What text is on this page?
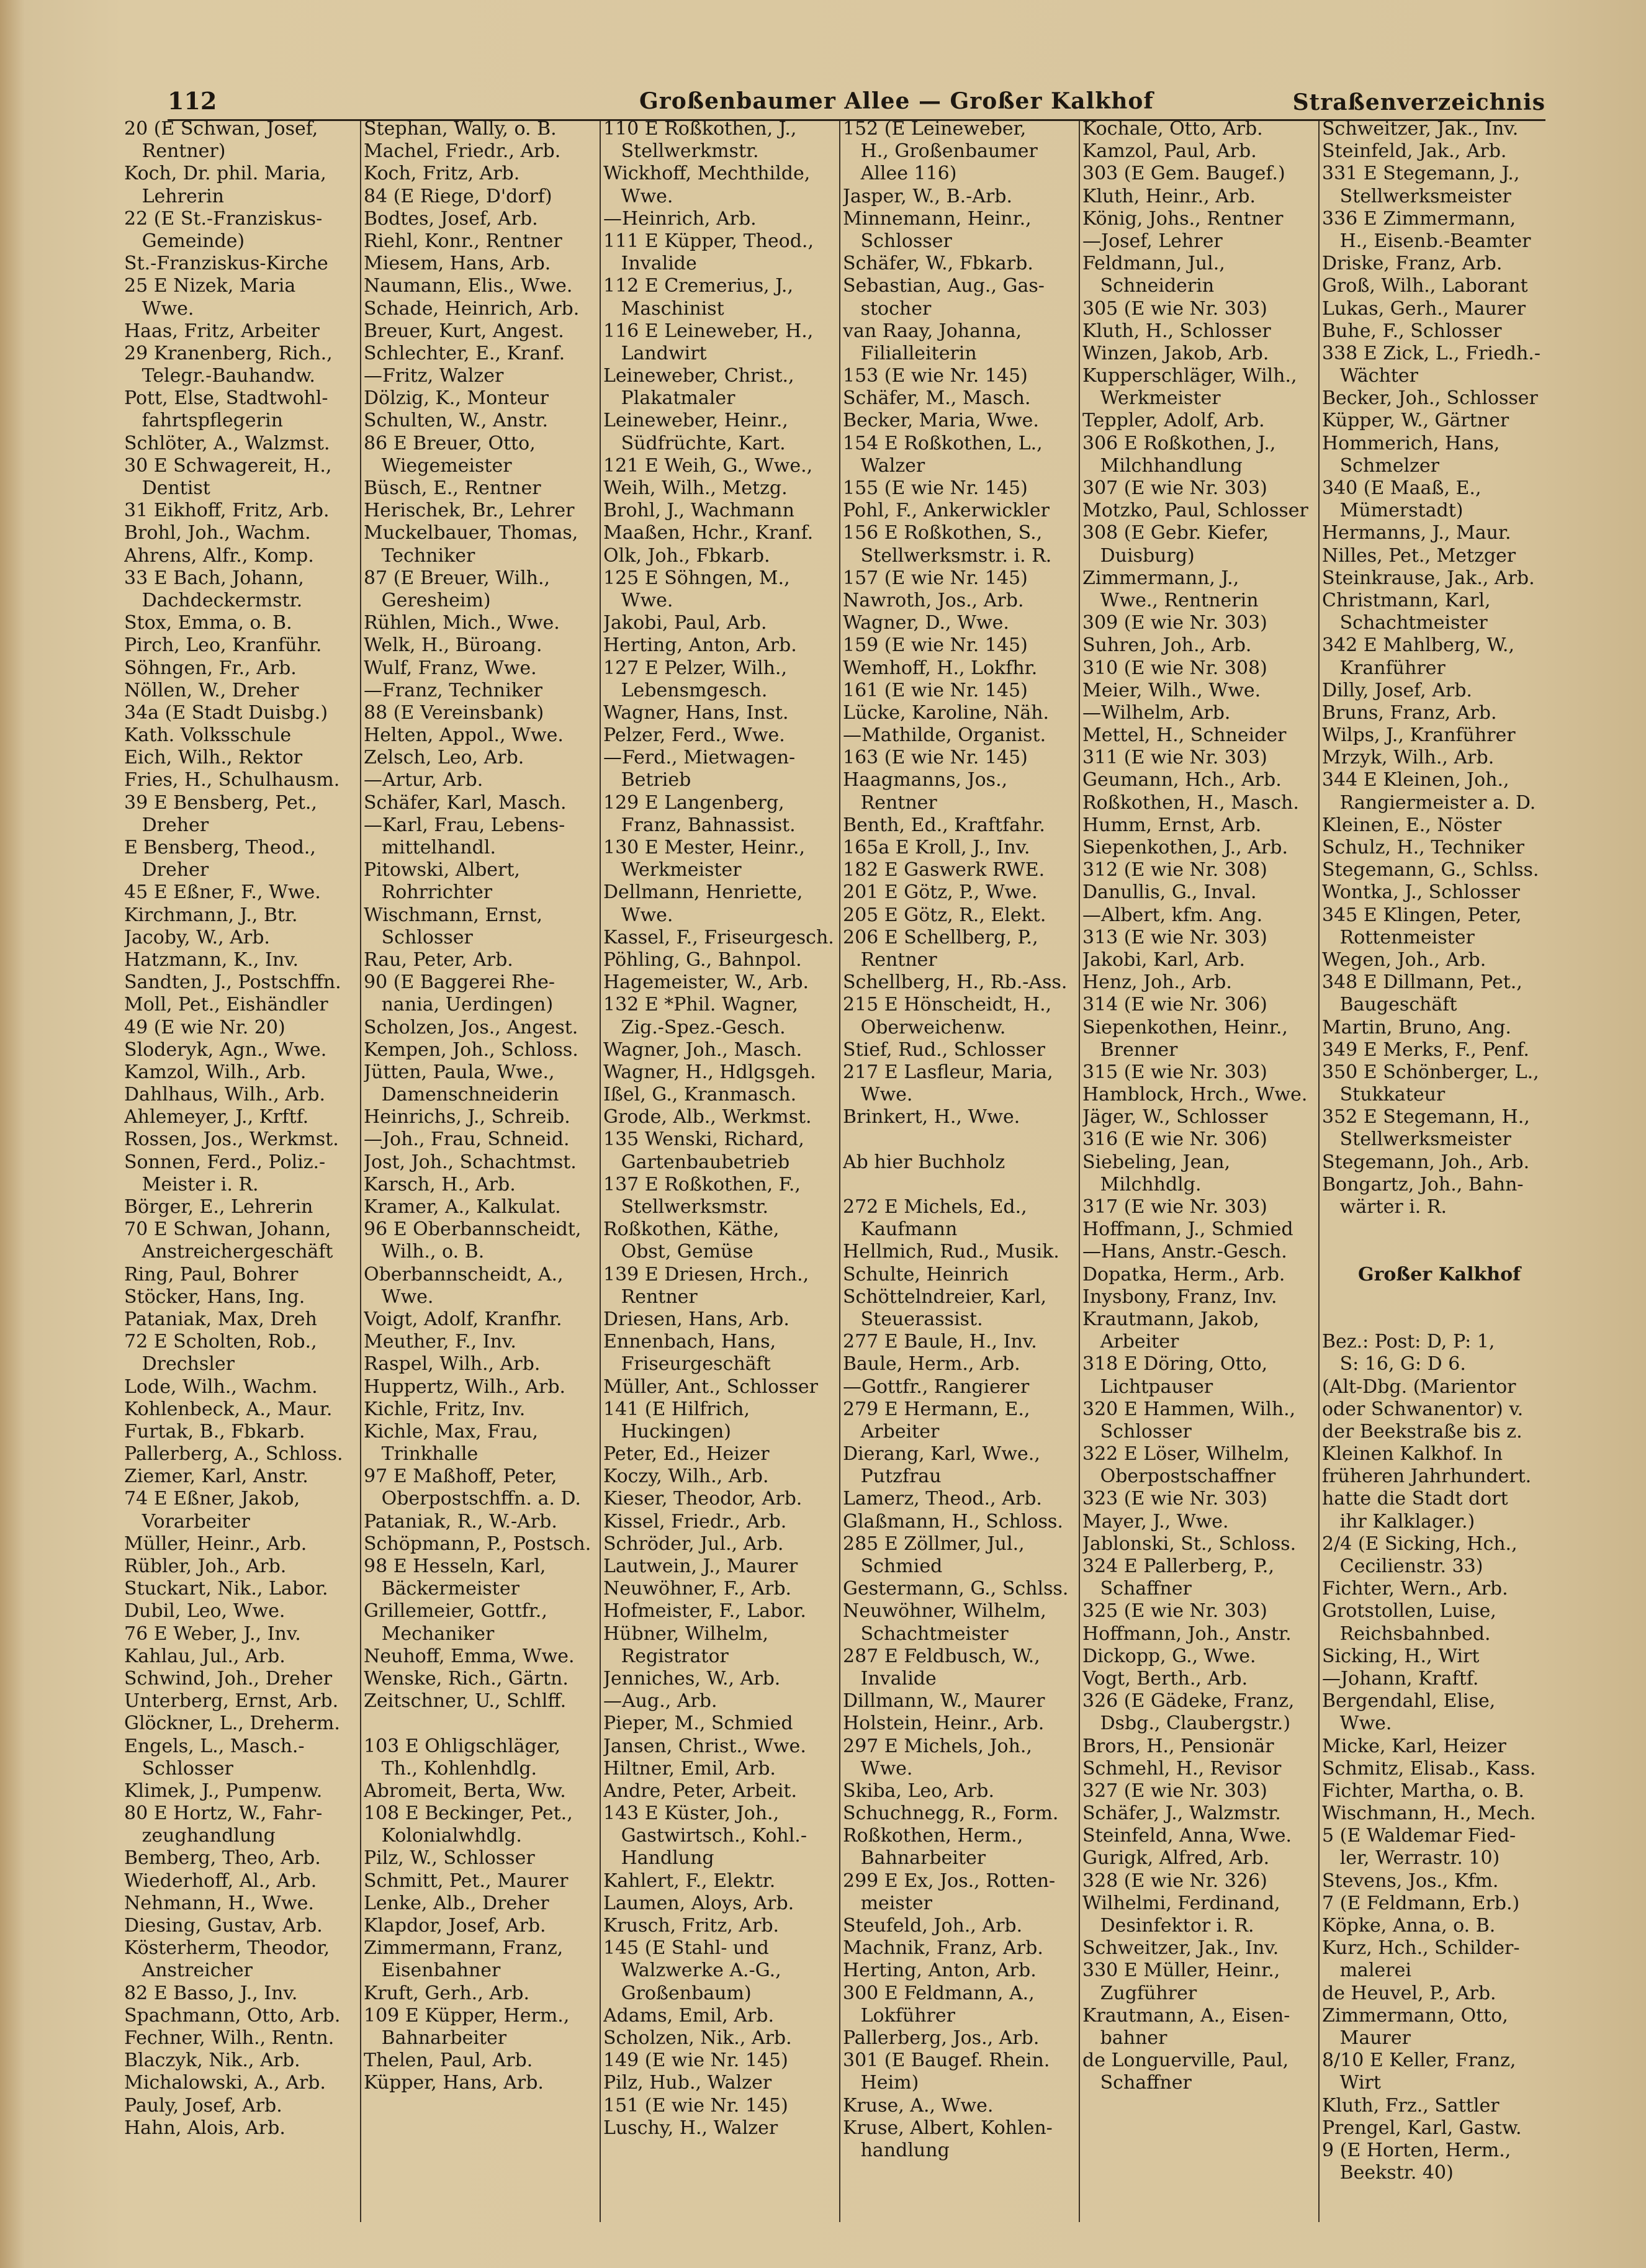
112	Großenbaumer Allee — Großer Kalkhof	Straßenverzeichnis
20 (E Schwan, Josef,
Rentner)
Koch, Dr. phil. Maria,
Lehrerin
22 (E St.-Franziskus-
Gemeinde)
St.-Franziskus-Kirche
25 E Nizek, Maria
Wwe.
Haas, Fritz, Arbeiter
29 Kranenberg, Rich.,
Telegr.-Bauhandw.
Pott, Else, Stadtwohl-
fahrtspflegerin
Schlöter, A., Walzmst.
30 E Schwagereit, H.,
Dentist
31 Eikhoff, Fritz, Arb.
Brohl, Joh., Wachm.
Ahrens, Alfr., Komp.
33 E Bach, Johann,
Dachdeckermstr.
Stox, Emma, o. B.
Pirch, Leo, Kranführ.
Söhngen, Fr., Arb.
Nöllen, W., Dreher
34a (E Stadt Duisbg.)
Kath. Volksschule
Eich, Wilh., Rektor
Fries, H., Schulhausm.
39 E Bensberg, Pet.,
Dreher
E Bensberg, Theod.,
Dreher
45 E Eßner, F., Wwe.
Kirchmann, J., Btr.
Jacoby, W., Arb.
Hatzmann, K., Inv.
Sandten, J., Postschffn.
Moll, Pet., Eishändler
49 (E wie Nr. 20)
Sloderyk, Agn., Wwe.
Kamzol, Wilh., Arb.
Dahlhaus, Wilh., Arb.
Ahlemeyer, J., Krftf.
Rossen, Jos., Werkmst.
Sonnen, Ferd., Poliz.-
Meister i. R.
Börger, E., Lehrerin
70 E Schwan, Johann,
Anstreichergeschäft
Ring, Paul, Bohrer
Stöcker, Hans, Ing.
Pataniak, Max, Dreh
72 E Scholten, Rob.,
Drechsler
Lode, Wilh., Wachm.
Kohlenbeck, A., Maur.
Furtak, B., Fbkarb.
Pallerberg, A., Schloss.
Ziemer, Karl, Anstr.
74 E Eßner, Jakob,
Vorarbeiter
Müller, Heinr., Arb.
Rübler, Joh., Arb.
Stuckart, Nik., Labor.
Dubil, Leo, Wwe.
76 E Weber, J., Inv.
Kahlau, Jul., Arb.
Schwind, Joh., Dreher
Unterberg, Ernst, Arb.
Glöckner, L., Dreherm.
Engels, L., Masch.-
Schlosser
Klimek, J., Pumpenw.
80 E Hortz, W., Fahr-
zeughandlung
Bemberg, Theo, Arb.
Wiederhoff, Al., Arb.
Nehmann, H., Wwe.
Diesing, Gustav, Arb.
Kösterherm, Theodor,
Anstreicher
82 E Basso, J., Inv.
Spachmann, Otto, Arb.
Fechner, Wilh., Rentn.
Blaczyk, Nik., Arb.
Michalowski, A., Arb.
Pauly, Josef, Arb.
Hahn, Alois, Arb.
Stephan, Wally, o. B.
Machel, Friedr., Arb.
Koch, Fritz, Arb.
84 (E Riege, D'dorf)
Bodtes, Josef, Arb.
Riehl, Konr., Rentner
Miesem, Hans, Arb.
Naumann, Elis., Wwe.
Schade, Heinrich, Arb.
Breuer, Kurt, Angest.
Schlechter, E., Kranf.
—Fritz, Walzer
Dölzig, K., Monteur
Schulten, W., Anstr.
86 E Breuer, Otto,
Wiegemeister
Büsch, E., Rentner
Herischek, Br., Lehrer
Muckelbauer, Thomas,
Techniker
87 (E Breuer, Wilh.,
Geresheim)
Rühlen, Mich., Wwe.
Welk, H., Büroang.
Wulf, Franz, Wwe.
—Franz, Techniker
88 (E Vereinsbank)
Helten, Appol., Wwe.
Zelsch, Leo, Arb.
—Artur, Arb.
Schäfer, Karl, Masch.
—Karl, Frau, Lebens-
mittelhandl.
Pitowski, Albert,
Rohrrichter
Wischmann, Ernst,
Schlosser
Rau, Peter, Arb.
90 (E Baggerei Rhe-
nania, Uerdingen)
Scholzen, Jos., Angest.
Kempen, Joh., Schloss.
Jütten, Paula, Wwe.,
Damenschneiderin
Heinrichs, J., Schreib.
—Joh., Frau, Schneid.
Jost, Joh., Schachtmst.
Karsch, H., Arb.
Kramer, A., Kalkulat.
96 E Oberbannscheidt,
Wilh., o. B.
Oberbannscheidt, A.,
Wwe.
Voigt, Adolf, Kranfhr.
Meuther, F., Inv.
Raspel, Wilh., Arb.
Huppertz, Wilh., Arb.
Kichle, Fritz, Inv.
Kichle, Max, Frau,
Trinkhalle
97 E Maßhoff, Peter,
Oberpostschffn. a. D.
Pataniak, R., W.-Arb.
Schöpmann, P., Postsch.
98 E Hesseln, Karl,
Bäckermeister
Grillemeier, Gottfr.,
Mechaniker
Neuhoff, Emma, Wwe.
Wenske, Rich., Gärtn.
Zeitschner, U., Schlff.
103 E Ohligschläger,
Th., Kohlenhdlg.
Abromeit, Berta, Ww.
108 E Beckinger, Pet.,
Kolonialwhdlg.
Pilz, W., Schlosser
Schmitt, Pet., Maurer
Lenke, Alb., Dreher
Klapdor, Josef, Arb.
Zimmermann, Franz,
Eisenbahner
Kruft, Gerh., Arb.
109 E Küpper, Herm.,
Bahnarbeiter
Thelen, Paul, Arb.
Küpper, Hans, Arb.
110 E Roßkothen, J.,
Stellwerkmstr.
Wickhoff, Mechthilde,
Wwe.
—Heinrich, Arb.
111 E Küpper, Theod.,
Invalide
112 E Cremerius, J.,
Maschinist
116 E Leineweber, H.,
Landwirt
Leineweber, Christ.,
Plakatmaler
Leineweber, Heinr.,
Südfrüchte, Kart.
121 E Weih, G., Wwe.,
Weih, Wilh., Metzg.
Brohl, J., Wachmann
Maaßen, Hchr., Kranf.
Olk, Joh., Fbkarb.
125 E Söhngen, M.,
Wwe.
Jakobi, Paul, Arb.
Herting, Anton, Arb.
127 E Pelzer, Wilh.,
Lebensmgesch.
Wagner, Hans, Inst.
Pelzer, Ferd., Wwe.
—Ferd., Mietwagen-
Betrieb
129 E Langenberg,
Franz, Bahnassist.
130 E Mester, Heinr.,
Werkmeister
Dellmann, Henriette,
Wwe.
Kassel, F., Friseurgesch.
Pöhling, G., Bahnpol.
Hagemeister, W., Arb.
132 E *Phil. Wagner,
Zig.-Spez.-Gesch.
Wagner, Joh., Masch.
Wagner, H., Hdlgsgeh.
Ißel, G., Kranmasch.
Grode, Alb., Werkmst.
135 Wenski, Richard,
Gartenbaubetrieb
137 E Roßkothen, F.,
Stellwerksmstr.
Roßkothen, Käthe,
Obst, Gemüse
139 E Driesen, Hrch.,
Rentner
Driesen, Hans, Arb.
Ennenbach, Hans,
Friseurgeschäft
Müller, Ant., Schlosser
141 (E Hilfrich,
Huckingen)
Peter, Ed., Heizer
Koczy, Wilh., Arb.
Kieser, Theodor, Arb.
Kissel, Friedr., Arb.
Schröder, Jul., Arb.
Lautwein, J., Maurer
Neuwöhner, F., Arb.
Hofmeister, F., Labor.
Hübner, Wilhelm,
Registrator
Jenniches, W., Arb.
—Aug., Arb.
Pieper, M., Schmied
Jansen, Christ., Wwe.
Hiltner, Emil, Arb.
Andre, Peter, Arbeit.
143 E Küster, Joh.,
Gastwirtsch., Kohl.-
Handlung
Kahlert, F., Elektr.
Laumen, Aloys, Arb.
Krusch, Fritz, Arb.
145 (E Stahl- und
Walzwerke A.-G.,
Großenbaum)
Adams, Emil, Arb.
Scholzen, Nik., Arb.
149 (E wie Nr. 145)
Pilz, Hub., Walzer
151 (E wie Nr. 145)
Luschy, H., Walzer
152 (E Leineweber,
H., Großenbaumer
Allee 116)
Jasper, W., B.-Arb.
Minnemann, Heinr.,
Schlosser
Schäfer, W., Fbkarb.
Sebastian, Aug., Gas-
stocher
van Raay, Johanna,
Filialleiterin
153 (E wie Nr. 145)
Schäfer, M., Masch.
Becker, Maria, Wwe.
154 E Roßkothen, L.,
Walzer
155 (E wie Nr. 145)
Pohl, F., Ankerwickler
156 E Roßkothen, S.,
Stellwerksmstr. i. R.
157 (E wie Nr. 145)
Nawroth, Jos., Arb.
Wagner, D., Wwe.
159 (E wie Nr. 145)
Wemhoff, H., Lokfhr.
161 (E wie Nr. 145)
Lücke, Karoline, Näh.
—Mathilde, Organist.
163 (E wie Nr. 145)
Haagmanns, Jos.,
Rentner
Benth, Ed., Kraftfahr.
165a E Kroll, J., Inv.
182 E Gaswerk RWE.
201 E Götz, P., Wwe.
205 E Götz, R., Elekt.
206 E Schellberg, P.,
Rentner
Schellberg, H., Rb.-Ass.
215 E Hönscheidt, H.,
Oberweichenw.
Stief, Rud., Schlosser
217 E Lasfleur, Maria,
Wwe.
Brinkert, H., Wwe.
Ab hier Buchholz
272 E Michels, Ed.,
Kaufmann
Hellmich, Rud., Musik.
Schulte, Heinrich
Schöttelndreier, Karl,
Steuerassist.
277 E Baule, H., Inv.
Baule, Herm., Arb.
—Gottfr., Rangierer
279 E Hermann, E.,
Arbeiter
Dierang, Karl, Wwe.,
Putzfrau
Lamerz, Theod., Arb.
Glaßmann, H., Schloss.
285 E Zöllmer, Jul.,
Schmied
Gestermann, G., Schlss.
Neuwöhner, Wilhelm,
Schachtmeister
287 E Feldbusch, W.,
Invalide
Dillmann, W., Maurer
Holstein, Heinr., Arb.
297 E Michels, Joh.,
Wwe.
Skiba, Leo, Arb.
Schuchnegg, R., Form.
Roßkothen, Herm.,
Bahnarbeiter
299 E Ex, Jos., Rotten-
meister
Steufeld, Joh., Arb.
Machnik, Franz, Arb.
Herting, Anton, Arb.
300 E Feldmann, A.,
Lokführer
Pallerberg, Jos., Arb.
301 (E Baugef. Rhein.
Heim)
Kruse, A., Wwe.
Kruse, Albert, Kohlen-
handlung
Kochale, Otto, Arb.
Kamzol, Paul, Arb.
303 (E Gem. Baugef.)
Kluth, Heinr., Arb.
König, Johs., Rentner
—Josef, Lehrer
Feldmann, Jul.,
Schneiderin
305 (E wie Nr. 303)
Kluth, H., Schlosser
Winzen, Jakob, Arb.
Kupperschläger, Wilh.,
Werkmeister
Teppler, Adolf, Arb.
306 E Roßkothen, J.,
Milchhandlung
307 (E wie Nr. 303)
Motzko, Paul, Schlosser
308 (E Gebr. Kiefer,
Duisburg)
Zimmermann, J.,
Wwe., Rentnerin
309 (E wie Nr. 303)
Suhren, Joh., Arb.
310 (E wie Nr. 308)
Meier, Wilh., Wwe.
—Wilhelm, Arb.
Mettel, H., Schneider
311 (E wie Nr. 303)
Geumann, Hch., Arb.
Roßkothen, H., Masch.
Humm, Ernst, Arb.
Siepenkothen, J., Arb.
312 (E wie Nr. 308)
Danullis, G., Inval.
—Albert, kfm. Ang.
313 (E wie Nr. 303)
Jakobi, Karl, Arb.
Henz, Joh., Arb.
314 (E wie Nr. 306)
Siepenkothen, Heinr.,
Brenner
315 (E wie Nr. 303)
Hamblock, Hrch., Wwe.
Jäger, W., Schlosser
316 (E wie Nr. 306)
Siebeling, Jean,
Milchhdlg.
317 (E wie Nr. 303)
Hoffmann, J., Schmied
—Hans, Anstr.-Gesch.
Dopatka, Herm., Arb.
Inysbony, Franz, Inv.
Krautmann, Jakob,
Arbeiter
318 E Döring, Otto,
Lichtpauser
320 E Hammen, Wilh.,
Schlosser
322 E Löser, Wilhelm,
Oberpostschaffner
323 (E wie Nr. 303)
Mayer, J., Wwe.
Jablonski, St., Schloss.
324 E Pallerberg, P.,
Schaffner
325 (E wie Nr. 303)
Hoffmann, Joh., Anstr.
Dickopp, G., Wwe.
Vogt, Berth., Arb.
326 (E Gädeke, Franz,
Dsbg., Claubergstr.)
Brors, H., Pensionär
Schmehl, H., Revisor
327 (E wie Nr. 303)
Schäfer, J., Walzmstr.
Steinfeld, Anna, Wwe.
Gurigk, Alfred, Arb.
328 (E wie Nr. 326)
Wilhelmi, Ferdinand,
Desinfektor i. R.
Schweitzer, Jak., Inv.
330 E Müller, Heinr.,
Zugführer
Krautmann, A., Eisen-
bahner
de Longuerville, Paul,
Schaffner
Schweitzer, Jak., Inv.
Steinfeld, Jak., Arb.
331 E Stegemann, J.,
Stellwerksmeister
336 E Zimmermann,
H., Eisenb.-Beamter
Driske, Franz, Arb.
Groß, Wilh., Laborant
Lukas, Gerh., Maurer
Buhe, F., Schlosser
338 E Zick, L., Friedh.-
Wächter
Becker, Joh., Schlosser
Küpper, W., Gärtner
Hommerich, Hans,
Schmelzer
340 (E Maaß, E.,
Mümerstadt)
Hermanns, J., Maur.
Nilles, Pet., Metzger
Steinkrause, Jak., Arb.
Christmann, Karl,
Schachtmeister
342 E Mahlberg, W.,
Kranführer
Dilly, Josef, Arb.
Bruns, Franz, Arb.
Wilps, J., Kranführer
Mrzyk, Wilh., Arb.
344 E Kleinen, Joh.,
Rangiermeister a. D.
Kleinen, E., Nöster
Schulz, H., Techniker
Stegemann, G., Schlss.
Wontka, J., Schlosser
345 E Klingen, Peter,
Rottenmeister
Wegen, Joh., Arb.
348 E Dillmann, Pet.,
Baugeschäft
Martin, Bruno, Ang.
349 E Merks, F., Penf.
350 E Schönberger, L.,
Stukkateur
352 E Stegemann, H.,
Stellwerksmeister
Stegemann, Joh., Arb.
Bongartz, Joh., Bahn-
wärter i. R.
Großer Kalkhof
Bez.: Post: D, P: 1,
S: 16, G: D 6.
(Alt-Dbg. (Marientor
oder Schwanentor) v.
der Beekstraße bis z.
Kleinen Kalkhof. In
früheren Jahrhundert.
hatte die Stadt dort
ihr Kalklager.)
2/4 (E Sicking, Hch.,
Cecilienstr. 33)
Fichter, Wern., Arb.
Grotstollen, Luise,
Reichsbahnbed.
Sicking, H., Wirt
—Johann, Kraftf.
Bergendahl, Elise,
Wwe.
Micke, Karl, Heizer
Schmitz, Elisab., Kass.
Fichter, Martha, o. B.
Wischmann, H., Mech.
5 (E Waldemar Fied-
ler, Werrastr. 10)
Stevens, Jos., Kfm.
7 (E Feldmann, Erb.)
Köpke, Anna, o. B.
Kurz, Hch., Schilder-
malerei
de Heuvel, P., Arb.
Zimmermann, Otto,
Maurer
8/10 E Keller, Franz,
Wirt
Kluth, Frz., Sattler
Prengel, Karl, Gastw.
9 (E Horten, Herm.,
Beekstr. 40)
